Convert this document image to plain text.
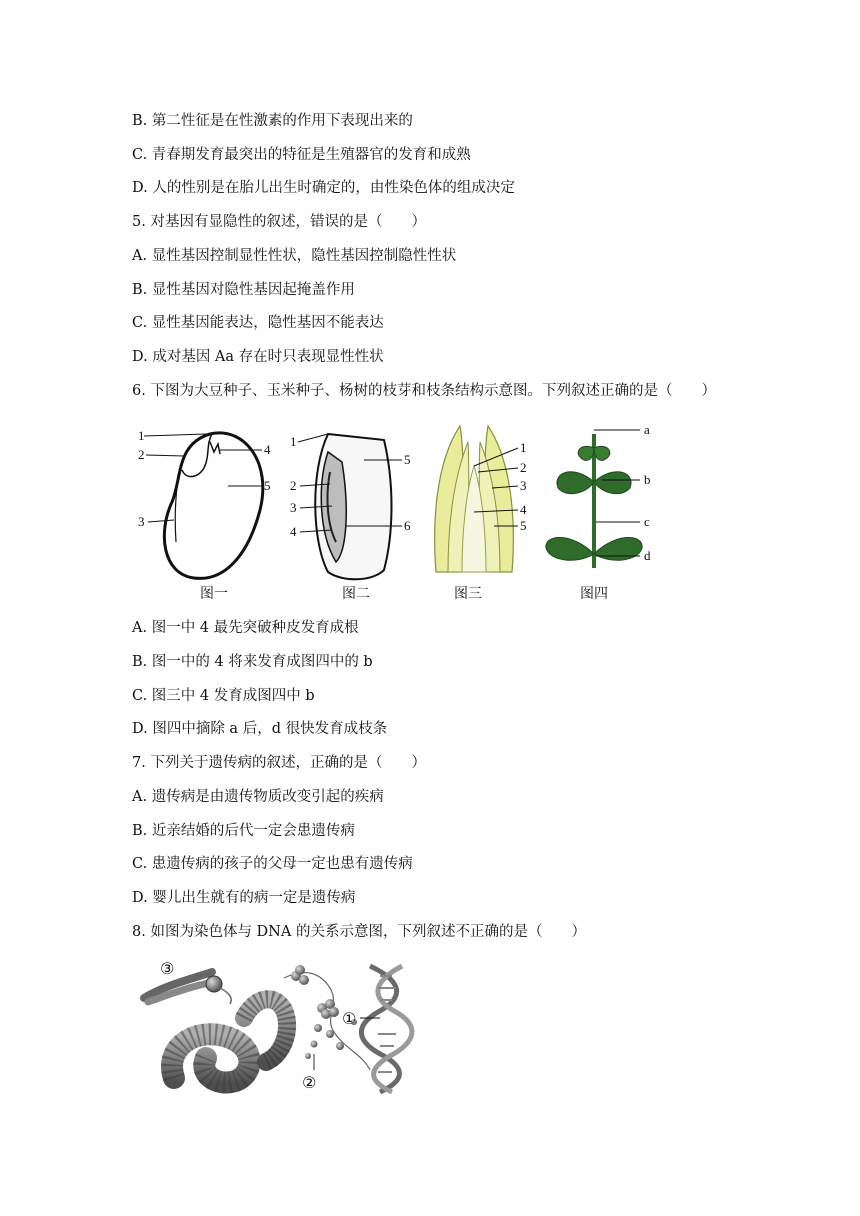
B. 第二性征是在性激素的作用下表现出来的
C. 青春期发育最突出的特征是生殖器官的发育和成熟
D. 人的性别是在胎儿出生时确定的，由性染色体的组成决定
5. 对基因有显隐性的叙述，错误的是（　　）
A. 显性基因控制显性性状，隐性基因控制隐性性状
B. 显性基因对隐性基因起掩盖作用
C. 显性基因能表达，隐性基因不能表达
D. 成对基因 Aa 存在时只表现显性性状
6. 下图为大豆种子、玉米种子、杨树的枝芽和枝条结构示意图。下列叙述正确的是（　　）
1
2
3
4
5
图一
1
2
3
4
5
6
图二
1
2
3
4
5
图三
a
b
c
d
图四
A. 图一中 4 最先突破种皮发育成根
B. 图一中的 4 将来发育成图四中的 b
C. 图三中 4 发育成图四中 b
D. 图四中摘除 a 后，d 很快发育成枝条
7. 下列关于遗传病的叙述，正确的是（　　）
A. 遗传病是由遗传物质改变引起的疾病
B. 近亲结婚的后代一定会患遗传病
C. 患遗传病的孩子的父母一定也患有遗传病
D. 婴儿出生就有的病一定是遗传病
8. 如图为染色体与 DNA 的关系示意图，下列叙述不正确的是（　　）
③
①
②
